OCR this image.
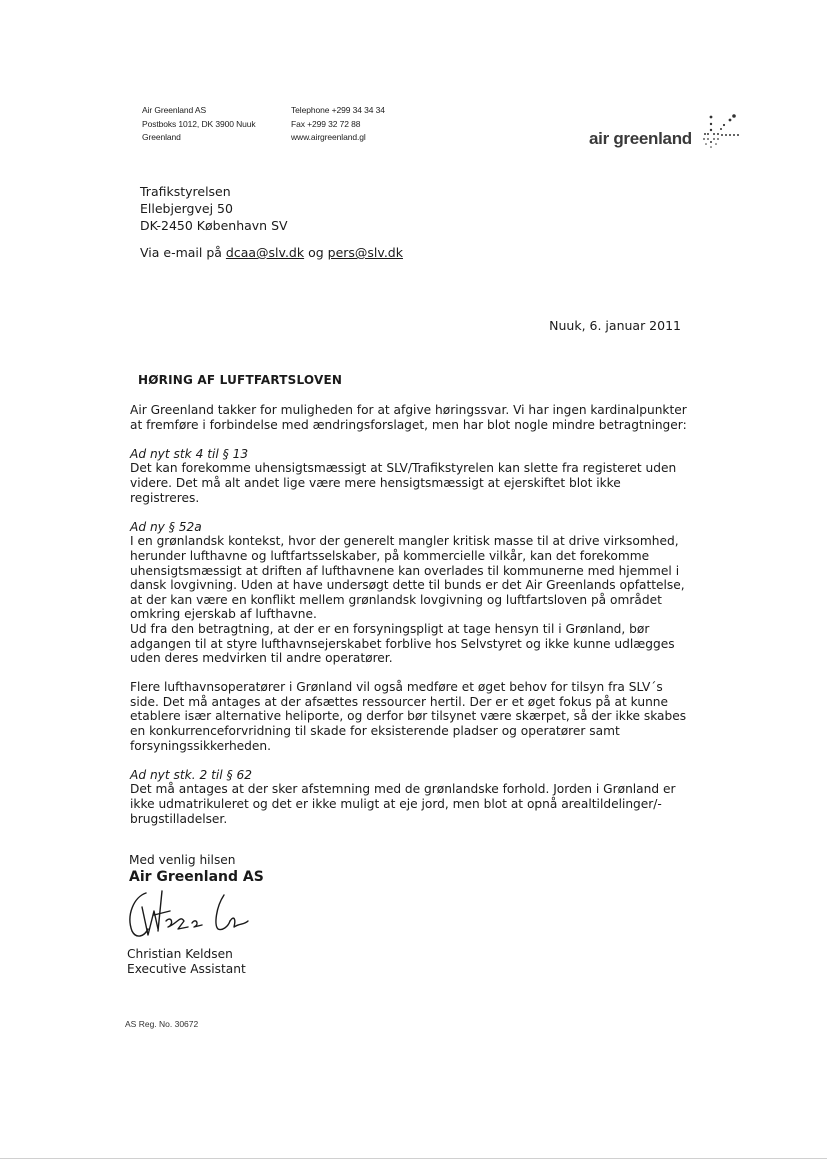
Air Greenland AS
Postboks 1012, DK 3900 Nuuk
Greenland
Telephone +299 34 34 34
Fax +299 32 72 88
www.airgreenland.gl	air greenland
Trafikstyrelsen
Ellebjergvej 50
DK-2450 København SV
Via e-mail på dcaa@slv.dk og pers@slv.dk
Nuuk, 6. januar 2011
HØRING AF LUFTFARTSLOVEN

Air Greenland takker for muligheden for at afgive høringssvar. Vi har ingen kardinalpunkter at fremføre i forbindelse med ændringsforslaget, men har blot nogle mindre betragtninger:

Ad nyt stk 4 til § 13

Det kan forekomme uhensigtsmæssigt at SLV/Trafikstyrelen kan slette fra registeret uden videre. Det må alt andet lige være mere hensigtsmæssigt at ejerskiftet blot ikke registreres.

Ad ny § 52a

I en grønlandsk kontekst, hvor der generelt mangler kritisk masse til at drive virksomhed, herunder lufthavne og luftfartsselskaber, på kommercielle vilkår, kan det forekomme uhensigtsmæssigt at driften af lufthavnene kan overlades til kommunerne med hjemmel i dansk lovgivning. Uden at have undersøgt dette til bunds er det Air Greenlands opfattelse, at der kan være en konflikt mellem grønlandsk lovgivning og luftfartsloven på området omkring ejerskab af lufthavne.

Ud fra den betragtning, at der er en forsyningspligt at tage hensyn til i Grønland, bør adgangen til at styre lufthavnsejerskabet forblive hos Selvstyret og ikke kunne udlægges uden deres medvirken til andre operatører.

Flere lufthavnsoperatører i Grønland vil også medføre et øget behov for tilsyn fra SLV´s side. Det må antages at der afsættes ressourcer hertil. Der er et øget fokus på at kunne etablere især alternative heliporte, og derfor bør tilsynet være skærpet, så der ikke skabes en konkurrenceforvridning til skade for eksisterende pladser og operatører samt forsyningssikkerheden.

Ad nyt stk. 2 til § 62

Det må antages at der sker afstemning med de grønlandske forhold. Jorden i Grønland er ikke udmatrikuleret og det er ikke muligt at eje jord, men blot at opnå arealtildelinger/-brugstilladelser.

Med venlig hilsen
Air Greenland AS
Christian Keldsen
Executive Assistant
AS Reg. No. 30672
